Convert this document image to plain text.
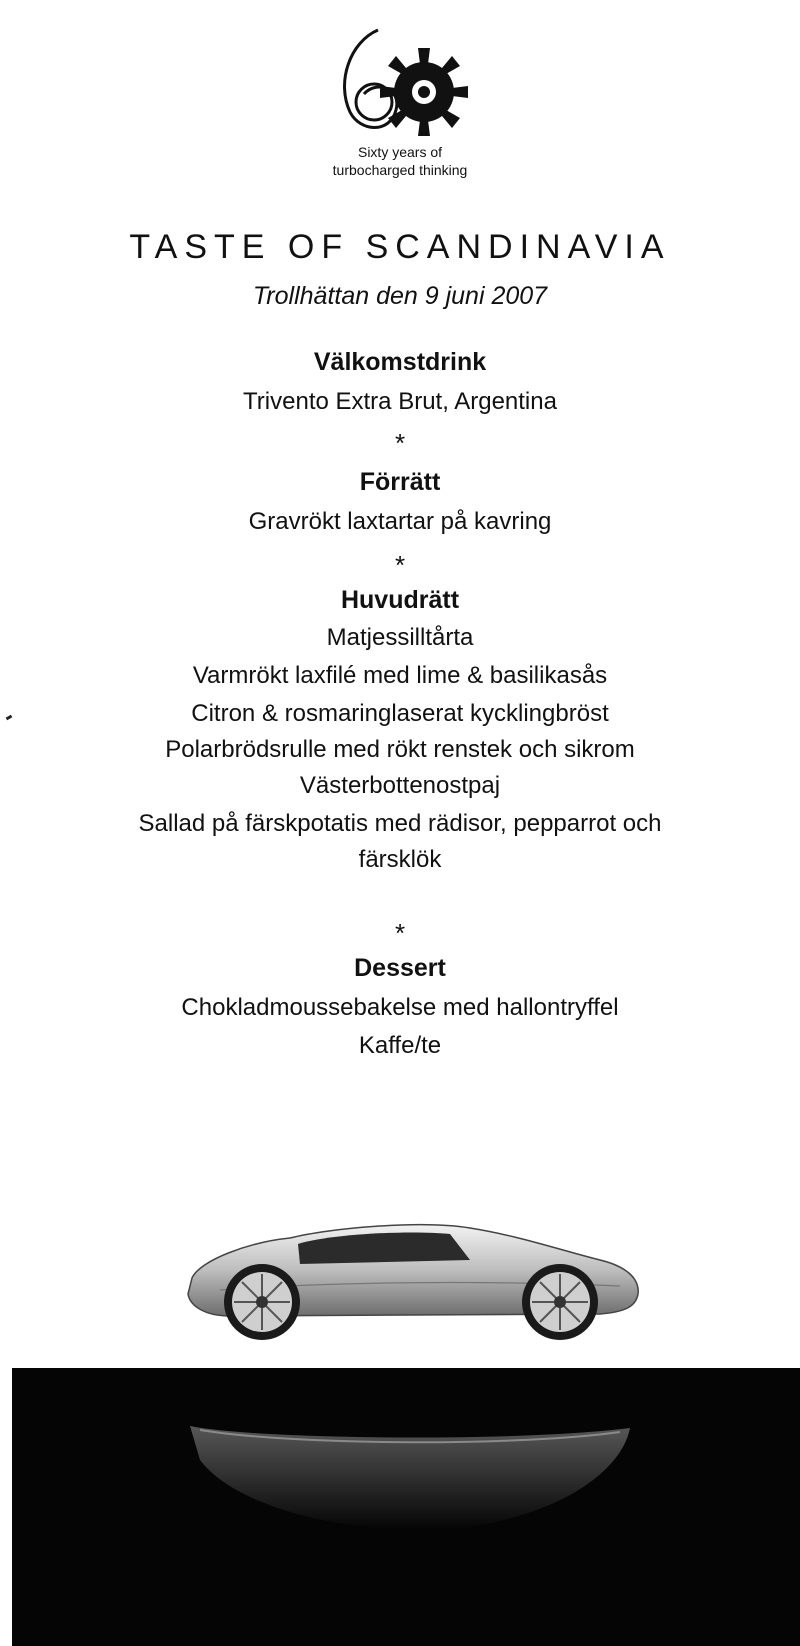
Sixty years of
turbocharged thinking
TASTE OF SCANDINAVIA
Trollhättan den 9 juni 2007
Välkomstdrink
Trivento Extra Brut, Argentina
*
Förrätt
Gravrökt laxtartar på kavring
*
Huvudrätt
Matjessilltårta
Varmrökt laxfilé med lime & basilikasås
Citron & rosmaringlaserat kycklingbröst
Polarbrödsrulle med rökt renstek och sikrom
Västerbottenostpaj
Sallad på färskpotatis med rädisor, pepparrot och
färsklök
*
Dessert
Chokladmoussebakelse med hallontryffel
Kaffe/te
